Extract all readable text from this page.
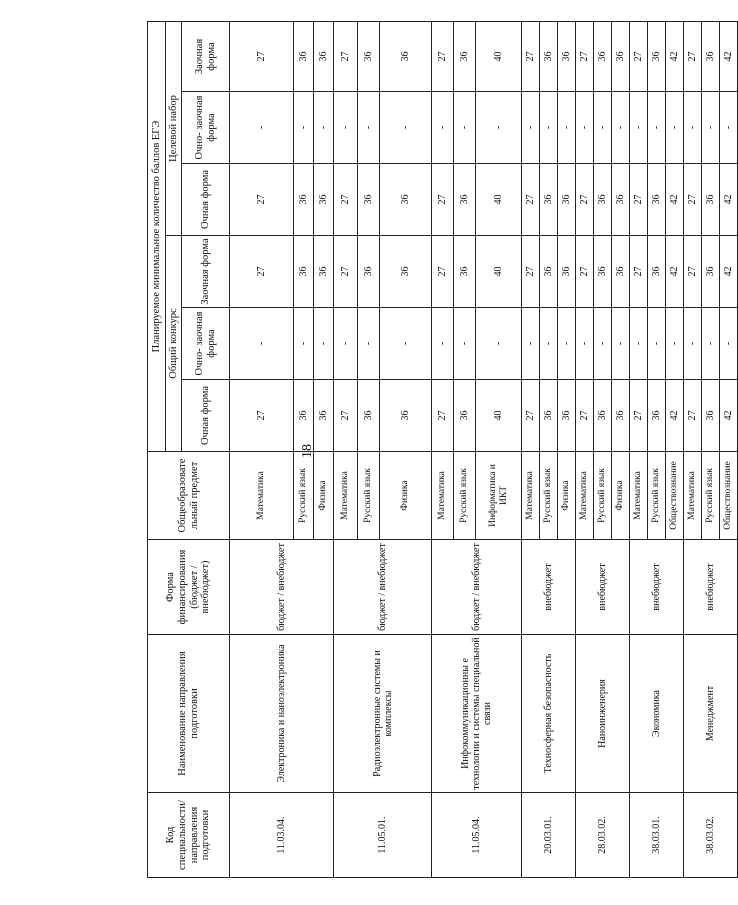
18
Код специальности/ направления подготовки	Наименование направления подготовки	Форма финансирования (бюджет / внебюджет)	Общеобразовате льный предмет	Планируемое минимальное количество баллов ЕГЭ					
				Общий конкурс			Целевой набор		
				Очная форма	Очно- заочная форма	Заочная форма	Очная форма	Очно- заочная форма	Заочная форма
11.03.04.	Электроника и наноэлектроника	бюджет / внебюджет	Математика	27	-	27	27	-	27
			Русский язык	36	-	36	36	-	36
			Физика	36	-	36	36	-	36
11.05.01.	Радиоэлектронные системы и комплексы	бюджет / внебюджет	Математика	27	-	27	27	-	27
			Русский язык	36	-	36	36	-	36
			Физика	36	-	36	36	-	36
11.05.04.	Инфокоммуникационны е технологии и системы специальной связи	бюджет / внебюджет	Математика	27	-	27	27	-	27
			Русский язык	36	-	36	36	-	36
			Информатика и ИКТ	40	-	40	40	-	40
20.03.01.	Техносферная безопасность	внебюджет	Математика	27	-	27	27	-	27
			Русский язык	36	-	36	36	-	36
			Физика	36	-	36	36	-	36
28.03.02.	Наноинженерия	внебюджет	Математика	27	-	27	27	-	27
			Русский язык	36	-	36	36	-	36
			Физика	36	-	36	36	-	36
38.03.01.	Экономика	внебюджет	Математика	27	-	27	27	-	27
			Русский язык	36	-	36	36	-	36
			Обществознание	42	-	42	42	-	42
38.03.02.	Менеджмент	внебюджет	Математика	27	-	27	27	-	27
			Русский язык	36	-	36	36	-	36
			Обществознание	42	-	42	42	-	42
